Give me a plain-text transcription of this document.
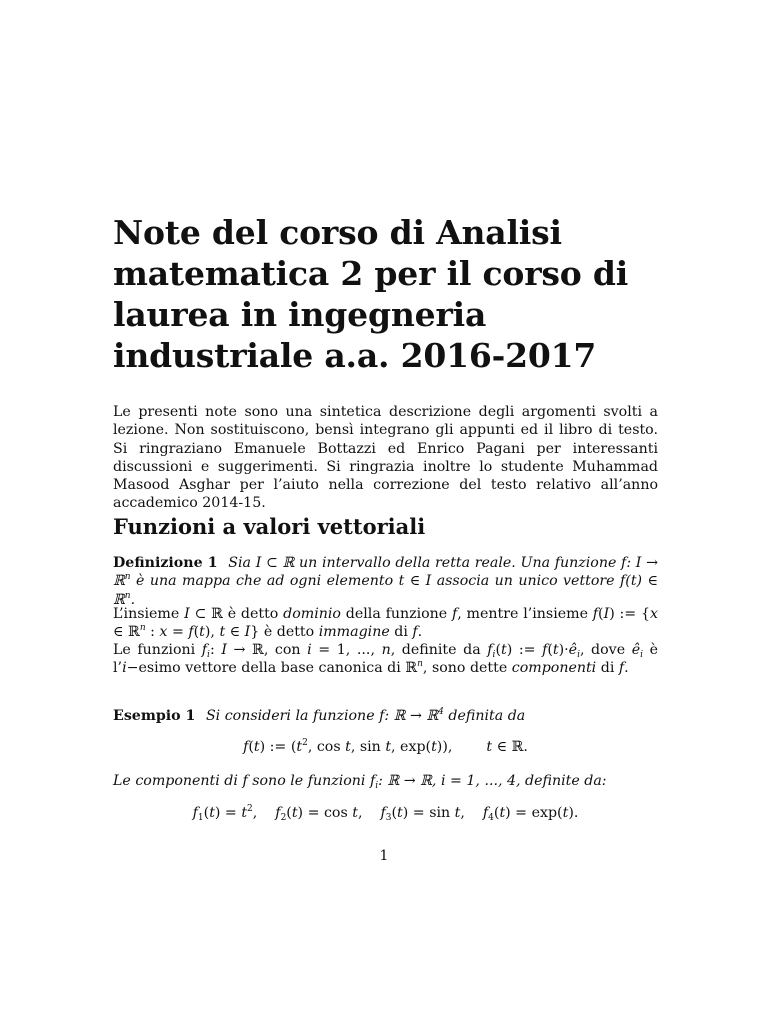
Note del corso di Analisi matematica 2 per il corso di laurea in ingegneria industriale a.a. 2016-2017
Le presenti note sono una sintetica descrizione degli argomenti svolti a lezione. Non sostituiscono, bensì integrano gli appunti ed il libro di testo. Si ringraziano Emanuele Bottazzi ed Enrico Pagani per interessanti discussioni e suggerimenti. Si ringrazia inoltre lo studente Muhammad Masood Asghar per l’aiuto nella correzione del testo relativo all’anno accademico 2014-15.
Funzioni a valori vettoriali
Definizione 1 Sia I ⊂ ℝ un intervallo della retta reale. Una funzione f: I → ℝ$^n$ è una mappa che ad ogni elemento t ∈ I associa un unico vettore f(t) ∈ ℝ$^n$.
L’insieme I ⊂ ℝ è detto dominio della funzione f, mentre l’insieme f(I) := {x ∈ ℝ$^n$ : x = f(t), t ∈ I} è detto immagine di f.
Le funzioni $f_i$: I → ℝ, con i = 1, ..., n, definite da $f_i(t)$ := $f(t)\cdot ê_i$, dove $ê_i$ è l’i−esimo vettore della base canonica di ℝ$^n$, sono dette componenti di f.
Esempio 1 Si consideri la funzione f: ℝ → ℝ$^4$ definita da
f(t) := ($t^2$, cos t, sin t, exp(t)), t ∈ ℝ.
Le componenti di f sono le funzioni $f_i$: ℝ → ℝ, i = 1, ..., 4, definite da:
$f_1(t) = t^2$, $f_2(t) = \cos t$, $f_3(t) = \sin t$, $f_4(t) = \exp(t)$.
1
